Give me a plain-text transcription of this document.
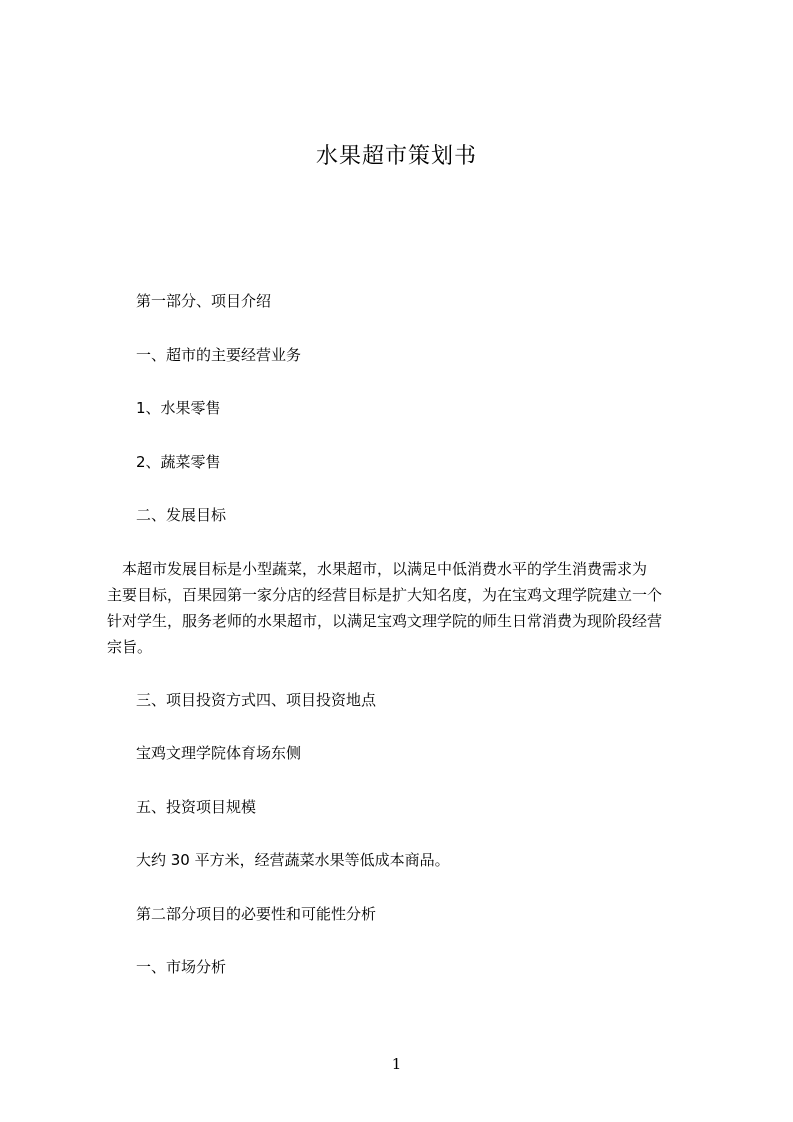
水果超市策划书
第一部分、项目介绍
一、超市的主要经营业务
1、水果零售
2、蔬菜零售
二、发展目标
　本超市发展目标是小型蔬菜，水果超市，以满足中低消费水平的学生消费需求为
主要目标，百果园第一家分店的经营目标是扩大知名度，为在宝鸡文理学院建立一个
针对学生，服务老师的水果超市，以满足宝鸡文理学院的师生日常消费为现阶段经营
宗旨。
三、项目投资方式四、项目投资地点
宝鸡文理学院体育场东侧
五、投资项目规模
大约 30 平方米，经营蔬菜水果等低成本商品。
第二部分项目的必要性和可能性分析
一、市场分析
1
